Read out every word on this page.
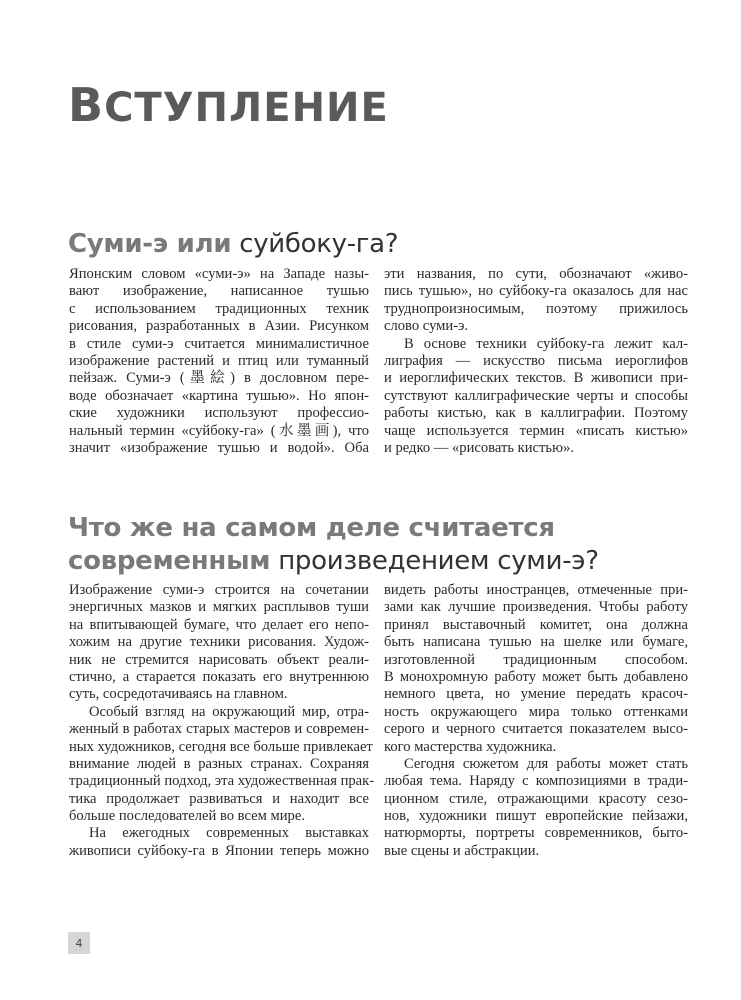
ВСТУПЛЕНИЕ
Суми-э или суйбоку-га?
Японским словом «суми-э» на Западе назы-
вают изображение, написанное тушью
с использованием традиционных техник
рисования, разработанных в Азии. Рисунком
в стиле суми-э считается минималистичное
изображение растений и птиц или туманный
пейзаж. Суми-э (墨絵) в дословном пере-
воде обозначает «картина тушью». Но япон-
ские художники используют профессио-
нальный термин «суйбоку-га» (水墨画), что
значит «изображение тушью и водой». Оба
эти названия, по сути, обозначают «живо-
пись тушью», но суйбоку-га оказалось для нас
труднопроизносимым, поэтому прижилось
слово суми-э.
В основе техники суйбоку-га лежит кал-
лиграфия — искусство письма иероглифов
и иероглифических текстов. В живописи при-
сутствуют каллиграфические черты и способы
работы кистью, как в каллиграфии. Поэтому
чаще используется термин «писать кистью»
и редко — «рисовать кистью».
Что же на самом деле считается
современным произведением суми-э?
Изображение суми-э строится на сочетании
энергичных мазков и мягких расплывов туши
на впитывающей бумаге, что делает его непо-
хожим на другие техники рисования. Худож-
ник не стремится нарисовать объект реали-
стично, а старается показать его внутреннюю
суть, сосредотачиваясь на главном.
Особый взгляд на окружающий мир, отра-
женный в работах старых мастеров и современ-
ных художников, сегодня все больше привлекает
внимание людей в разных странах. Сохраняя
традиционный подход, эта художественная прак-
тика продолжает развиваться и находит все
больше последователей во всем мире.
На ежегодных современных выставках
живописи суйбоку-га в Японии теперь можно
видеть работы иностранцев, отмеченные при-
зами как лучшие произведения. Чтобы работу
принял выставочный комитет, она должна
быть написана тушью на шелке или бумаге,
изготовленной традиционным способом.
В монохромную работу может быть добавлено
немного цвета, но умение передать красоч-
ность окружающего мира только оттенками
серого и черного считается показателем высо-
кого мастерства художника.
Сегодня сюжетом для работы может стать
любая тема. Наряду с композициями в тради-
ционном стиле, отражающими красоту сезо-
нов, художники пишут европейские пейзажи,
натюрморты, портреты современников, быто-
вые сцены и абстракции.
4
